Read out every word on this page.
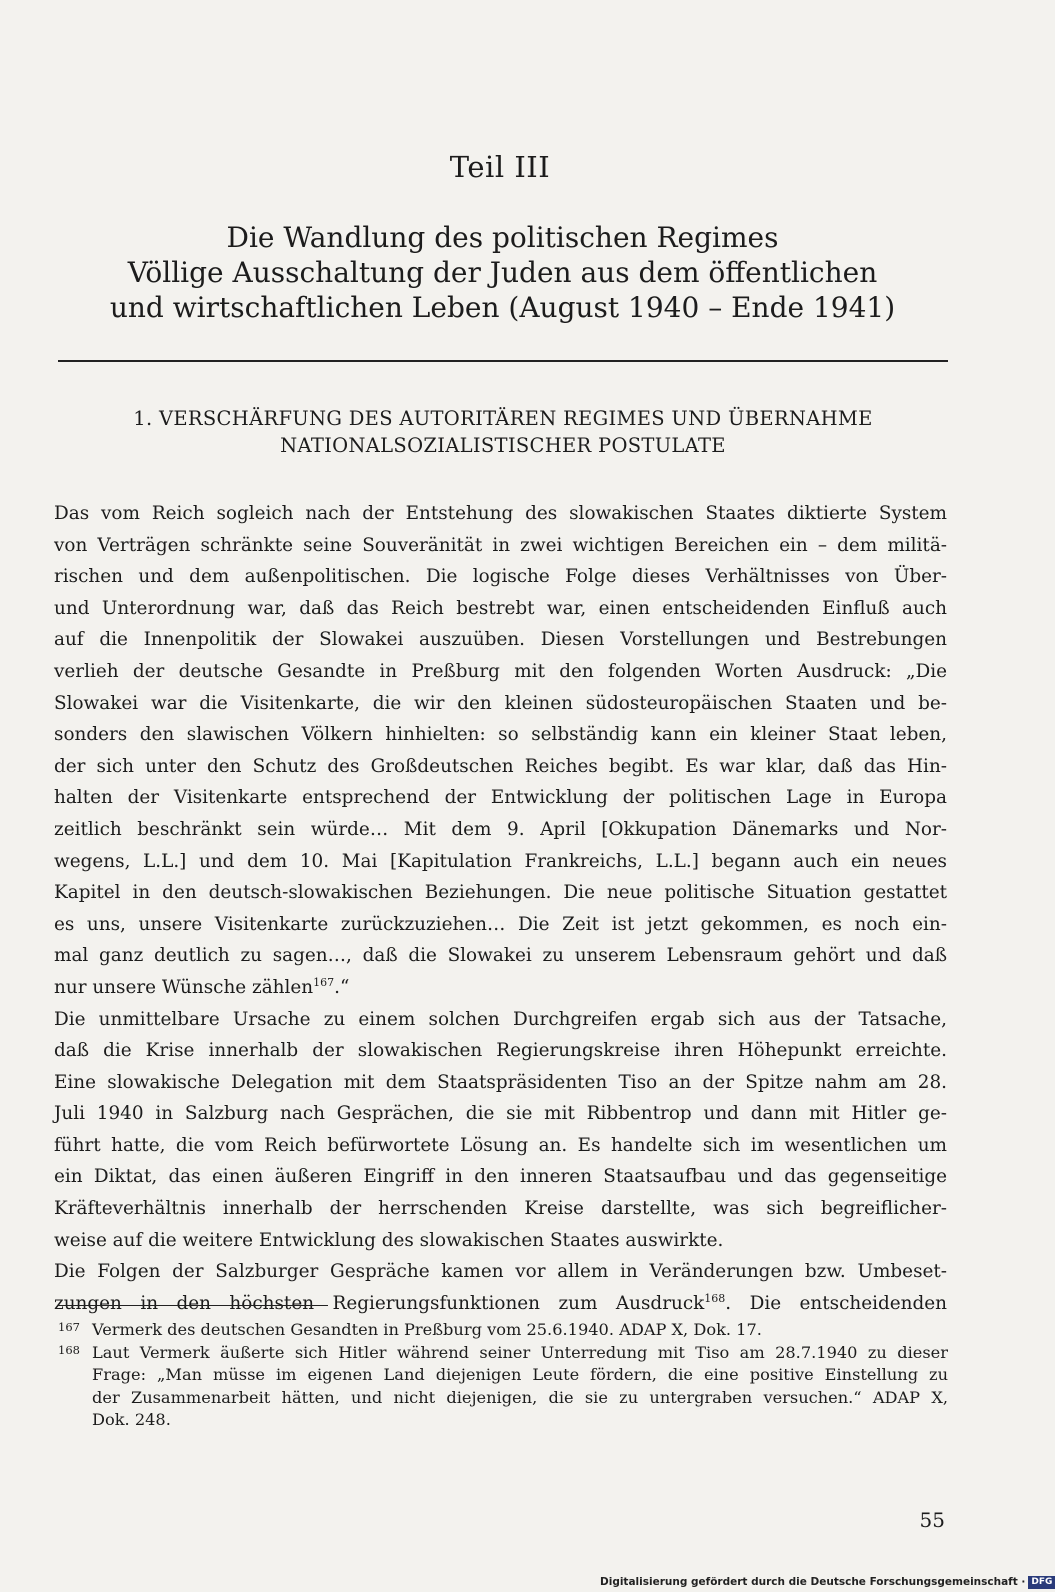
Teil III
Die Wandlung des politischen Regimes
Völlige Ausschaltung der Juden aus dem öffentlichen
und wirtschaftlichen Leben (August 1940 – Ende 1941)
1. VERSCHÄRFUNG DES AUTORITÄREN REGIMES UND ÜBERNAHME
NATIONALSOZIALISTISCHER POSTULATE
Das vom Reich sogleich nach der Entstehung des slowakischen Staates diktierte System
von Verträgen schränkte seine Souveränität in zwei wichtigen Bereichen ein – dem militä-
rischen und dem außenpolitischen. Die logische Folge dieses Verhältnisses von Über-
und Unterordnung war, daß das Reich bestrebt war, einen entscheidenden Einfluß auch
auf die Innenpolitik der Slowakei auszuüben. Diesen Vorstellungen und Bestrebungen
verlieh der deutsche Gesandte in Preßburg mit den folgenden Worten Ausdruck: „Die
Slowakei war die Visitenkarte, die wir den kleinen südosteuropäischen Staaten und be-
sonders den slawischen Völkern hinhielten: so selbständig kann ein kleiner Staat leben,
der sich unter den Schutz des Großdeutschen Reiches begibt. Es war klar, daß das Hin-
halten der Visitenkarte entsprechend der Entwicklung der politischen Lage in Europa
zeitlich beschränkt sein würde… Mit dem 9. April [Okkupation Dänemarks und Nor-
wegens, L.L.] und dem 10. Mai [Kapitulation Frankreichs, L.L.] begann auch ein neues
Kapitel in den deutsch-slowakischen Beziehungen. Die neue politische Situation gestattet
es uns, unsere Visitenkarte zurückzuziehen… Die Zeit ist jetzt gekommen, es noch ein-
mal ganz deutlich zu sagen…, daß die Slowakei zu unserem Lebensraum gehört und daß
nur unsere Wünsche zählen$^{167}$.“
Die unmittelbare Ursache zu einem solchen Durchgreifen ergab sich aus der Tatsache,
daß die Krise innerhalb der slowakischen Regierungskreise ihren Höhepunkt erreichte.
Eine slowakische Delegation mit dem Staatspräsidenten Tiso an der Spitze nahm am 28.
Juli 1940 in Salzburg nach Gesprächen, die sie mit Ribbentrop und dann mit Hitler ge-
führt hatte, die vom Reich befürwortete Lösung an. Es handelte sich im wesentlichen um
ein Diktat, das einen äußeren Eingriff in den inneren Staatsaufbau und das gegenseitige
Kräfteverhältnis innerhalb der herrschenden Kreise darstellte, was sich begreiflicher-
weise auf die weitere Entwicklung des slowakischen Staates auswirkte.
Die Folgen der Salzburger Gespräche kamen vor allem in Veränderungen bzw. Umbeset-
zungen in den höchsten Regierungsfunktionen zum Ausdruck$^{168}$. Die entscheidenden
167 Vermerk des deutschen Gesandten in Preßburg vom 25.6.1940. ADAP X, Dok. 17.
168 Laut Vermerk äußerte sich Hitler während seiner Unterredung mit Tiso am 28.7.1940 zu dieser
Frage: „Man müsse im eigenen Land diejenigen Leute fördern, die eine positive Einstellung zu
der Zusammenarbeit hätten, und nicht diejenigen, die sie zu untergraben versuchen.“ ADAP X,
Dok. 248.
55
Digitalisierung gefördert durch die Deutsche Forschungsgemeinschaft · DFG
